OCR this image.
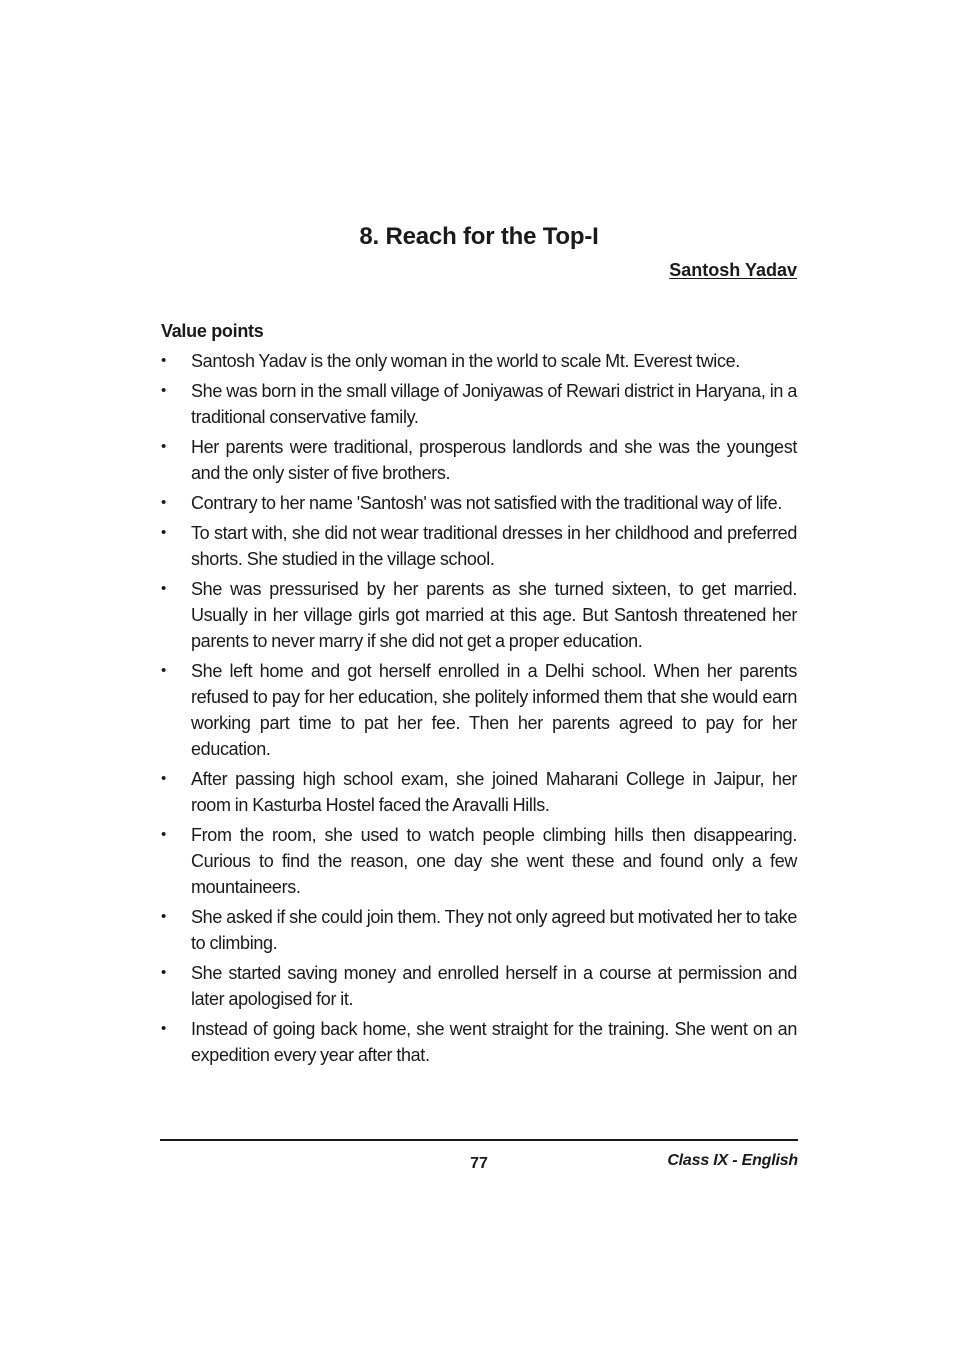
8. Reach for the Top-I

Santosh Yadav

Value points
• Santosh Yadav is the only woman in the world to scale Mt. Everest twice.
• She was born in the small village of Joniyawas of Rewari district in Haryana, in a traditional conservative family.
• Her parents were traditional, prosperous landlords and she was the youngest and the only sister of five brothers.
• Contrary to her name 'Santosh' was not satisfied with the traditional way of life.
• To start with, she did not wear traditional dresses in her childhood and preferred shorts. She studied in the village school.
• She was pressurised by her parents as she turned sixteen, to get married. Usually in her village girls got married at this age. But Santosh threatened her parents to never marry if she did not get a proper education.
• She left home and got herself enrolled in a Delhi school. When her parents refused to pay for her education, she politely informed them that she would earn working part time to pat her fee. Then her parents agreed to pay for her education.
• After passing high school exam, she joined Maharani College in Jaipur, her room in Kasturba Hostel faced the Aravalli Hills.
• From the room, she used to watch people climbing hills then disappearing. Curious to find the reason, one day she went these and found only a few mountaineers.
• She asked if she could join them. They not only agreed but motivated her to take to climbing.
• She started saving money and enrolled herself in a course at permission and later apologised for it.
• Instead of going back home, she went straight for the training. She went on an expedition every year after that.
77	Class IX - English
